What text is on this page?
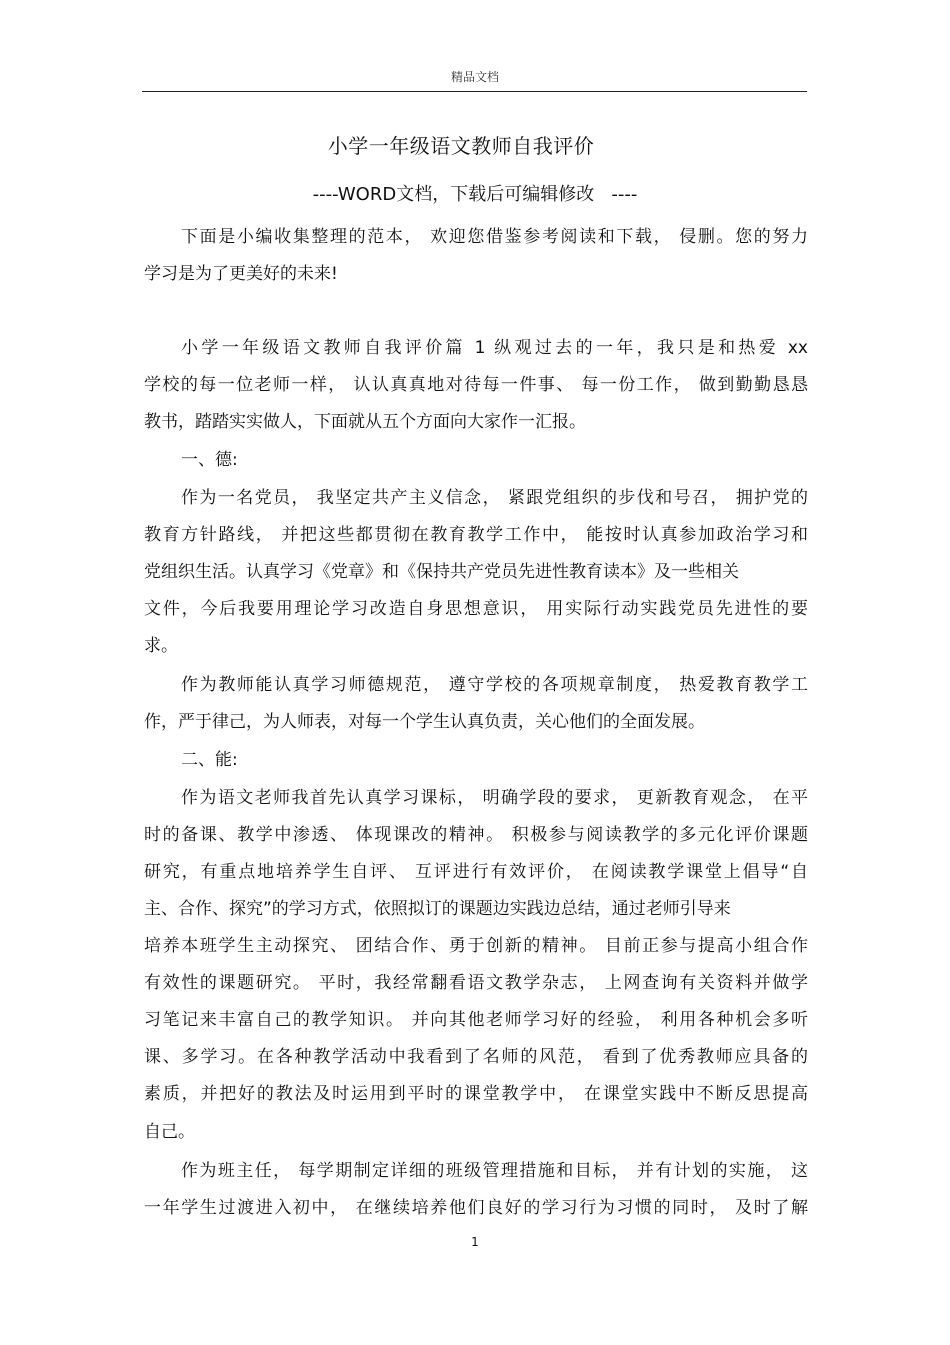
精品文档
小学一年级语文教师自我评价
----WORD文档，下载后可编辑修改   ----
下面是小编收集整理的范本， 欢迎您借鉴参考阅读和下载， 侵删。您的努力
学习是为了更美好的未来!
小学一年级语文教师自我评价篇 1 纵观过去的一年，我只是和热爱 xx
学校的每一位老师一样， 认认真真地对待每一件事、 每一份工作， 做到勤勤恳恳
教书，踏踏实实做人，下面就从五个方面向大家作一汇报。
一、德:
作为一名党员， 我坚定共产主义信念， 紧跟党组织的步伐和号召， 拥护党的
教育方针路线， 并把这些都贯彻在教育教学工作中， 能按时认真参加政治学习和
党组织生活。认真学习《党章》和《保持共产党员先进性教育读本》及一些相关
文件，今后我要用理论学习改造自身思想意识， 用实际行动实践党员先进性的要
求。
作为教师能认真学习师德规范， 遵守学校的各项规章制度， 热爱教育教学工
作，严于律己，为人师表，对每一个学生认真负责，关心他们的全面发展。
二、能:
作为语文老师我首先认真学习课标， 明确学段的要求， 更新教育观念， 在平
时的备课、教学中渗透、 体现课改的精神。 积极参与阅读教学的多元化评价课题
研究，有重点地培养学生自评、 互评进行有效评价， 在阅读教学课堂上倡导“自
主、合作、探究”的学习方式，依照拟订的课题边实践边总结，通过老师引导来
培养本班学生主动探究、 团结合作、勇于创新的精神。 目前正参与提高小组合作
有效性的课题研究。 平时，我经常翻看语文教学杂志， 上网查询有关资料并做学
习笔记来丰富自己的教学知识。 并向其他老师学习好的经验， 利用各种机会多听
课、多学习。在各种教学活动中我看到了名师的风范， 看到了优秀教师应具备的
素质，并把好的教法及时运用到平时的课堂教学中， 在课堂实践中不断反思提高
自己。
作为班主任， 每学期制定详细的班级管理措施和目标， 并有计划的实施， 这
一年学生过渡进入初中， 在继续培养他们良好的学习行为习惯的同时， 及时了解
1
